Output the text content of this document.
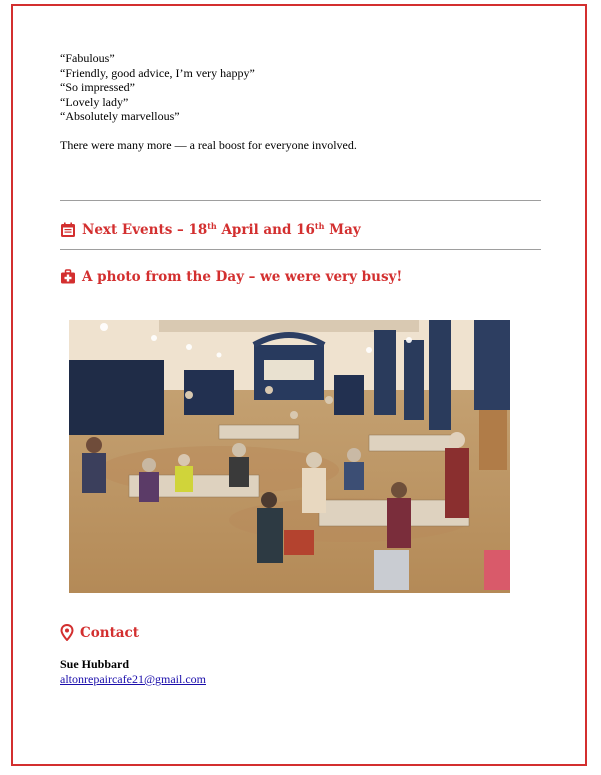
“Fabulous”
“Friendly, good advice, I’m very happy”
“So impressed”
“Lovely lady”
“Absolutely marvellous”
There were many more — a real boost for everyone involved.
Next Events – 18th April and 16th May
A photo from the Day – we were very busy!
Contact
Sue Hubbard
altonrepaircafe21@gmail.com
